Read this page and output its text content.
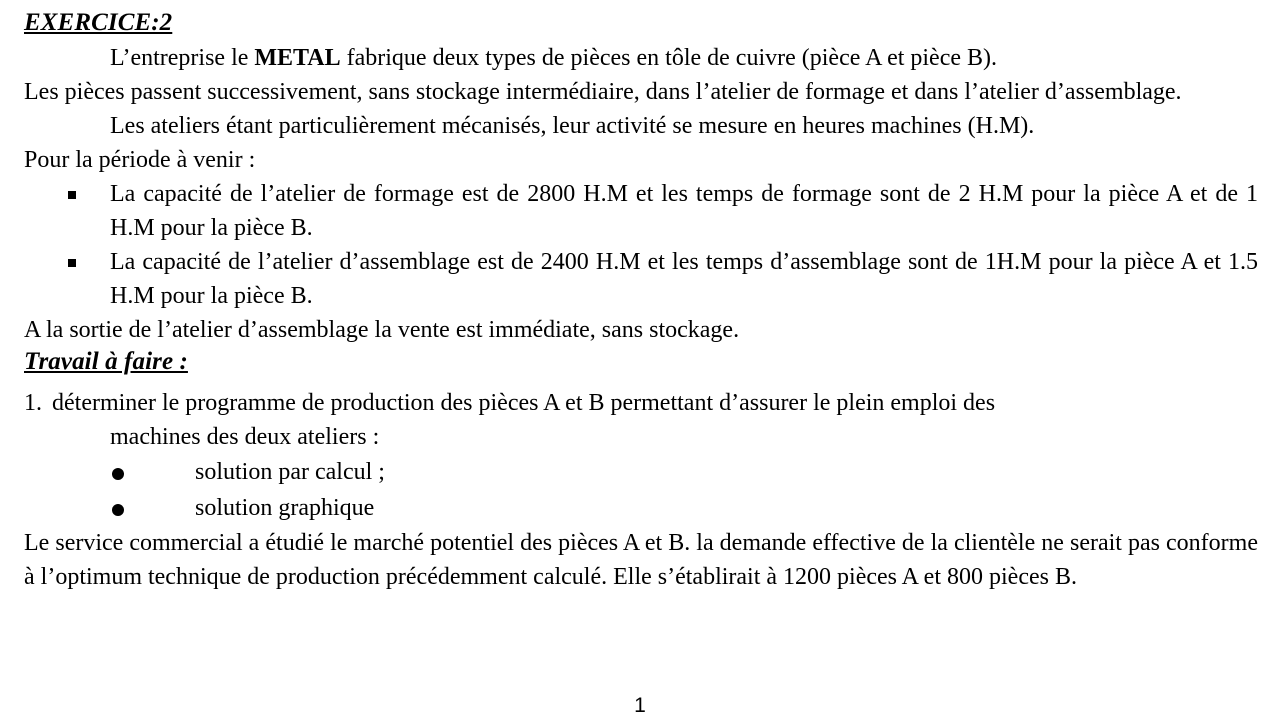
EXERCICE:2

L’entreprise le METAL fabrique deux types de pièces en tôle de cuivre (pièce A et pièce B).

Les pièces passent successivement, sans stockage intermédiaire, dans l’atelier de formage et dans l’atelier d’assemblage.

Les ateliers étant particulièrement mécanisés, leur activité se mesure en heures machines (H.M).

Pour la période à venir :

La capacité de l’atelier de formage est de 2800 H.M et les temps de formage sont de 2 H.M pour la pièce A et de 1 H.M pour la pièce B.
La capacité de l’atelier d’assemblage est de 2400 H.M et les temps d’assemblage sont de 1H.M pour la pièce A et 1.5 H.M pour la pièce B.

A la sortie de l’atelier d’assemblage la vente est immédiate, sans stockage.

Travail à faire :
1. déterminer le programme de production des pièces A et B permettant d’assurer le plein emploi des
machines des deux ateliers :
solution par calcul ;
solution graphique

Le service commercial a étudié le marché potentiel des pièces A et B. la demande effective de la clientèle ne serait pas conforme à l’optimum technique de production précédemment calculé. Elle s’établirait à 1200 pièces A et 800 pièces B.

1
